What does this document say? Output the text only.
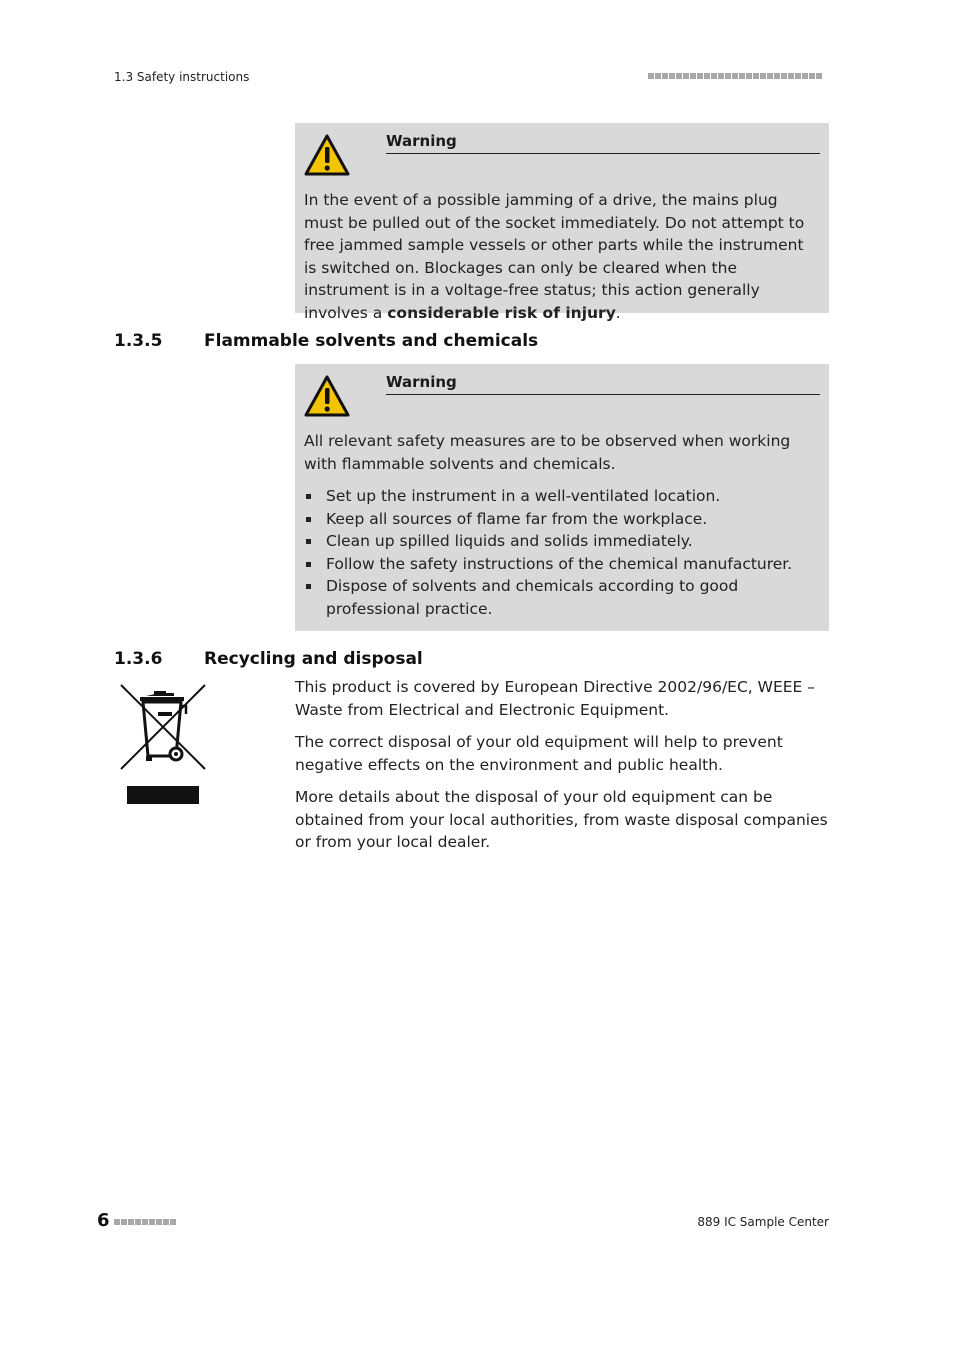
1.3 Safety instructions
Warning

In the event of a possible jamming of a drive, the mains plug must be pulled out of the socket immediately. Do not attempt to free jammed sample vessels or other parts while the instrument is switched on. Blockages can only be cleared when the instrument is in a voltage-free status; this action generally involves a considerable risk of injury.

1.3.5 Flammable solvents and chemicals
Warning

All relevant safety measures are to be observed when working with flammable solvents and chemicals.

Set up the instrument in a well-ventilated location.
Keep all sources of flame far from the workplace.
Clean up spilled liquids and solids immediately.
Follow the safety instructions of the chemical manufacturer.
Dispose of solvents and chemicals according to good professional practice.
1.3.6 Recycling and disposal

This product is covered by European Directive 2002/96/EC, WEEE – Waste from Electrical and Electronic Equipment.

The correct disposal of your old equipment will help to prevent negative effects on the environment and public health.

More details about the disposal of your old equipment can be obtained from your local authorities, from waste disposal companies or from your local dealer.

6	889 IC Sample Center
